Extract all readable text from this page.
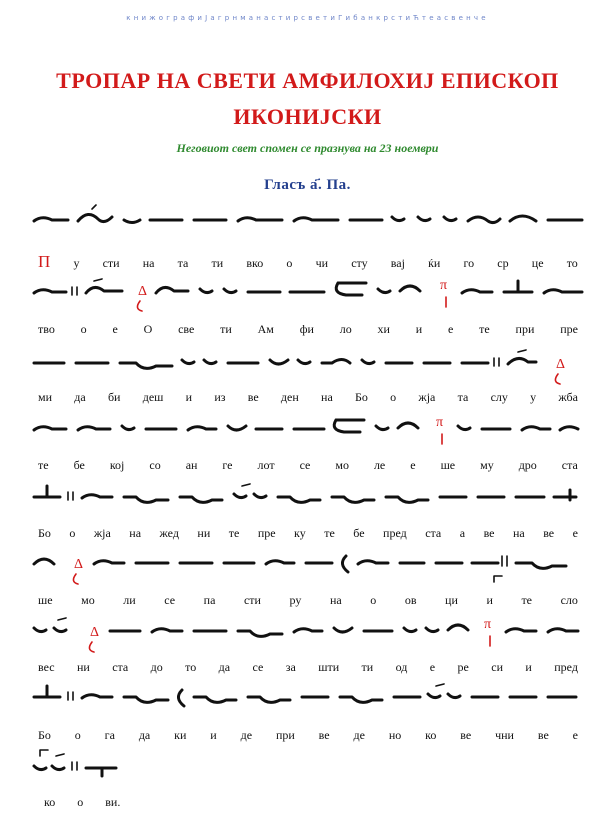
книжографиЈагрнманастирсветиГибанкрстиЋтеасвенче
ТРОПАР НА СВЕТИ АМФИЛОХИЈ ЕПИСКОП
ИКОНИЈСКИ
Неговиот свет спомен се празнува на 23 ноември
Гласъ а҃. Па.
П у сти на та ти вко о чи сту вај ќи го ср це то
Δ	π
тво о е О све ти Ам фи ло хи и е те при пре
Δ
ми да би деш и из ве ден на Бо о жја та слу у жба
π
те бе кој со ан ге лот се мо ле е ше му дро ста
Бо о жја на жед ни те пре ку те бе пред ста а ве на ве е
Δ
ше мо ли се па сти ру на о ов ци и те сло
Δ
π
вес ни ста до то да се за шти ти од е ре си и пред
Бо о га да ки и де при ве де но ко ве чни ве е
ко о ви.
